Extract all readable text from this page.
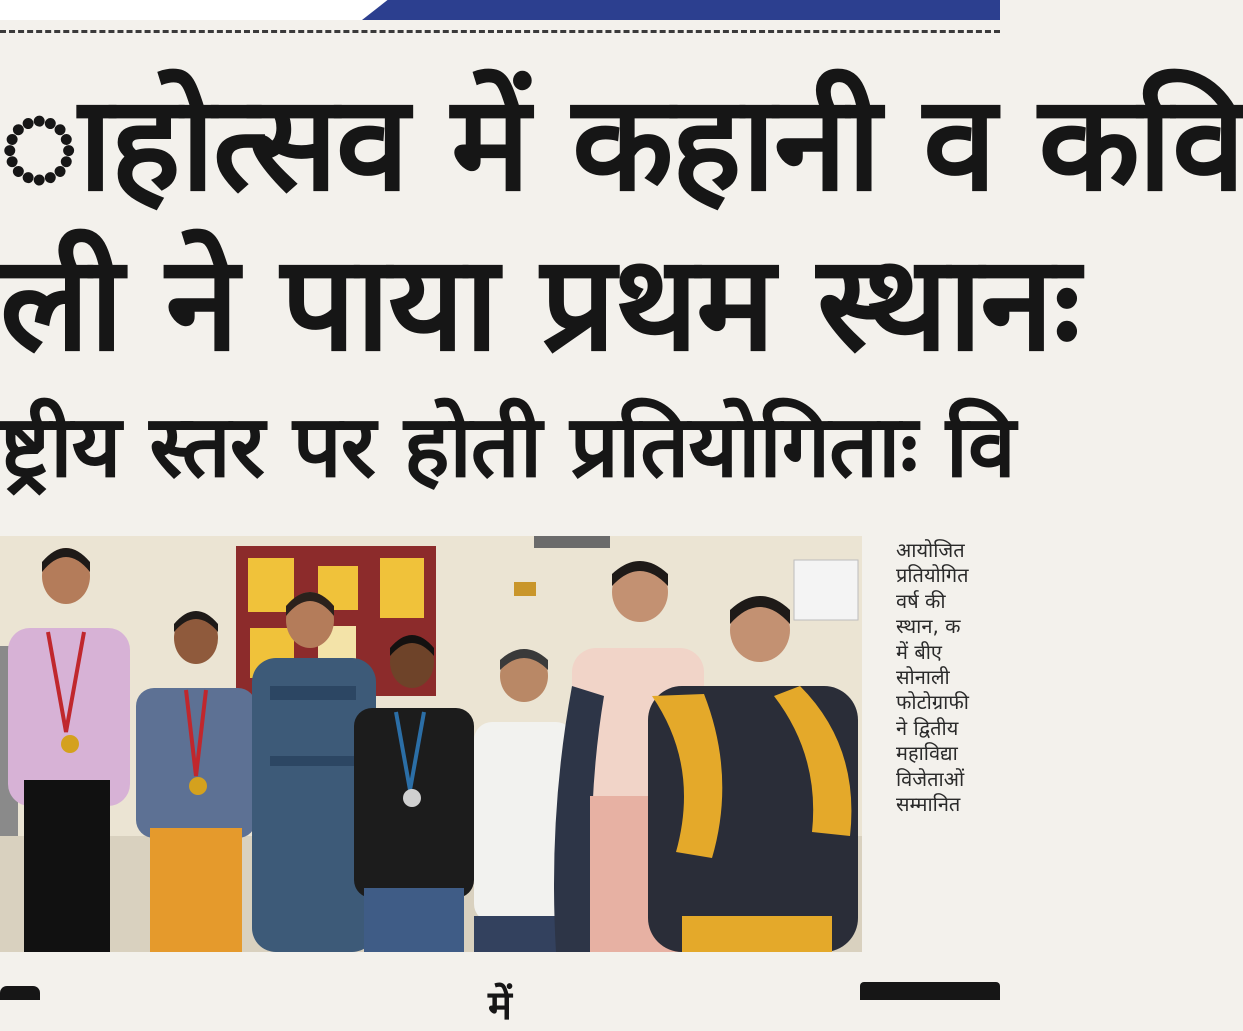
ाहोत्सव में कहानी व कवि
ली ने पाया प्रथम स्थानः
ष्ट्रीय स्तर पर होती प्रतियोगिताः वि
आयोजित
प्रतियोगित
वर्ष की
स्थान, क
में बीए
सोनाली
फोटोग्राफी
ने द्वितीय
महाविद्या
विजेताओं
सम्मानित
में
